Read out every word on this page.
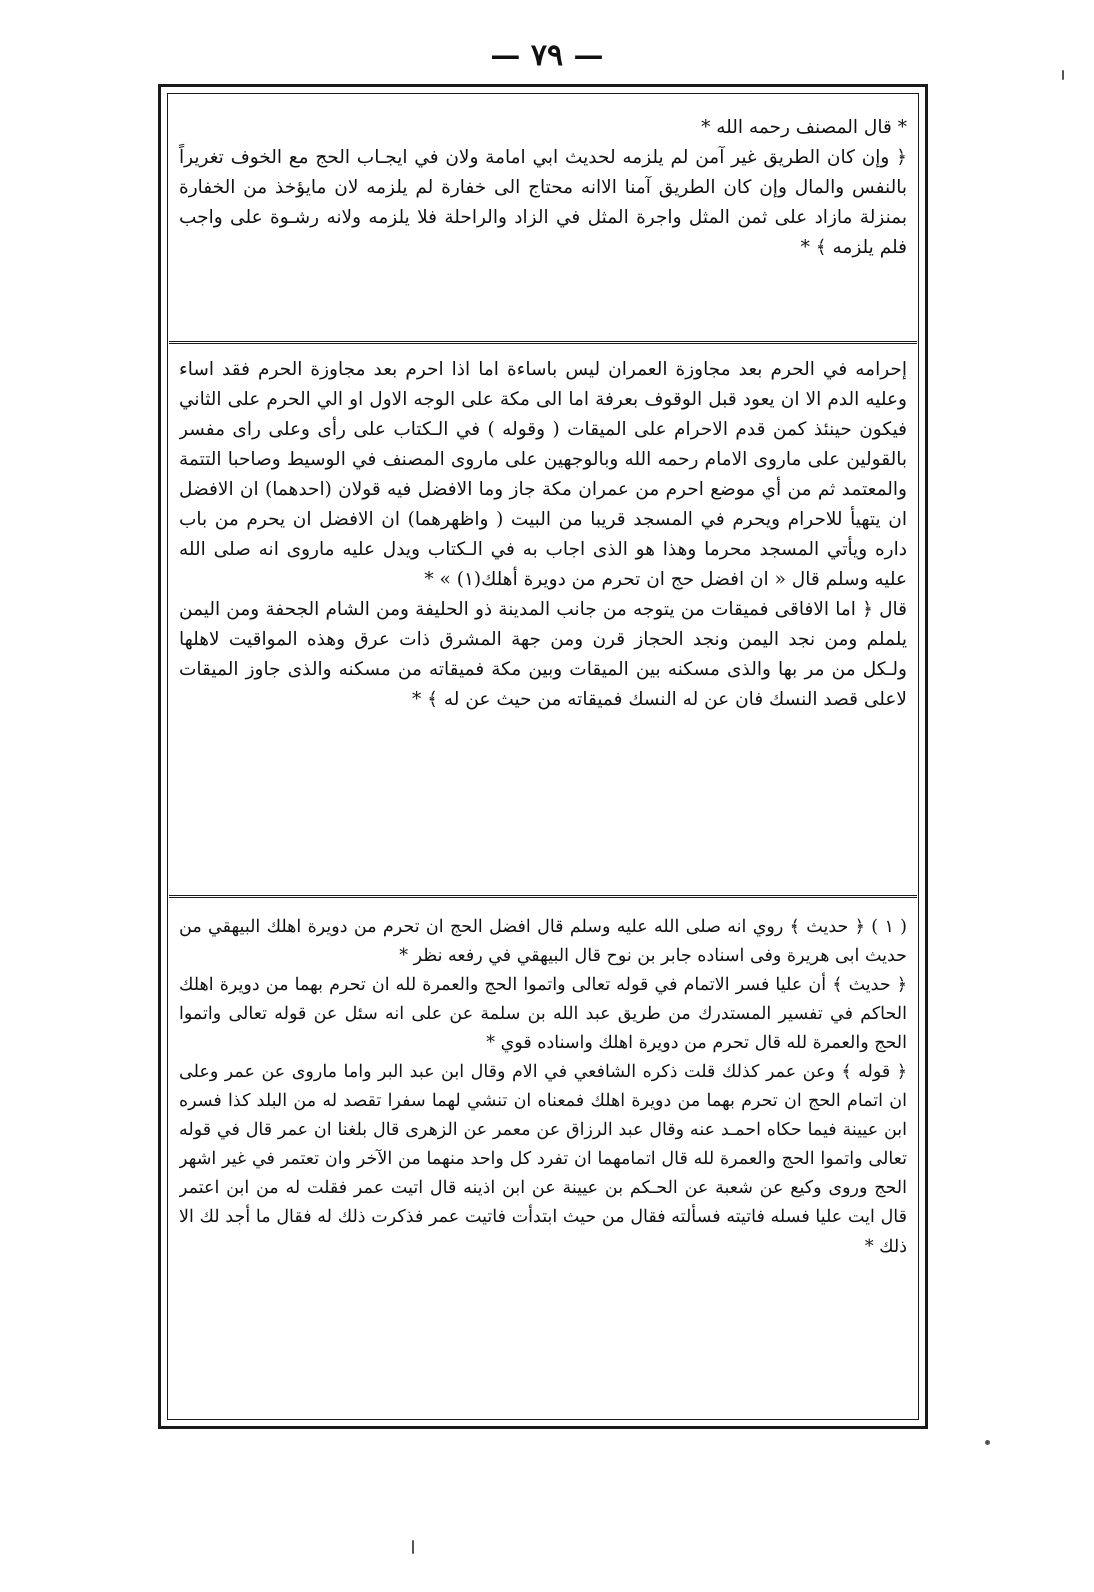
— ٧٩ —

* قال المصنف رحمه الله *

﴿ وإن كان الطريق غير آمن لم يلزمه لحديث ابي امامة ولان في ايجـاب الحج مع الخوف تغريراً بالنفس والمال وإن كان الطريق آمنا الاانه محتاج الى خفارة لم يلزمه لان مايؤخذ من الخفارة بمنزلة مازاد على ثمن المثل واجرة المثل في الزاد والراحلة فلا يلزمه ولانه رشـوة على واجب فلم يلزمه ﴾ *

إحرامه في الحرم بعد مجاوزة العمران ليس باساءة اما اذا احرم بعد مجاوزة الحرم فقد اساء وعليه الدم الا ان يعود قبل الوقوف بعرفة اما الى مكة على الوجه الاول او الي الحرم على الثاني فيكون حينئذ كمن قدم الاحرام على الميقات ( وقوله ) في الـكتاب على رأى وعلى راى مفسر بالقولين على ماروى الامام رحمه الله وبالوجهين على ماروى المصنف في الوسيط وصاحبا التتمة والمعتمد ثم من أي موضع احرم من عمران مكة جاز وما الافضل فيه قولان (احدهما) ان الافضل ان يتهيأ للاحرام ويحرم في المسجد قريبا من البيت ( واظهرهما) ان الافضل ان يحرم من باب داره ويأتي المسجد محرما وهذا هو الذى اجاب به في الـكتاب ويدل عليه ماروى انه صلى الله عليه وسلم قال « ان افضل حج ان تحرم من دويرة أهلك(١) » *

قال ﴿ اما الافاقى فميقات من يتوجه من جانب المدينة ذو الحليفة ومن الشام الجحفة ومن اليمن يلملم ومن نجد اليمن ونجد الحجاز قرن ومن جهة المشرق ذات عرق وهذه المواقيت لاهلها ولـكل من مر بها والذى مسكنه بين الميقات وبين مكة فميقاته من مسكنه والذى جاوز الميقات لاعلى قصد النسك فان عن له النسك فميقاته من حيث عن له ﴾ *

( ١ ) ﴿ حديث ﴾ روي انه صلى الله عليه وسلم قال افضل الحج ان تحرم من دويرة اهلك البيهقي من حديث ابى هريرة وفى اسناده جابر بن نوح قال البيهقي في رفعه نظر *

﴿ حديث ﴾ أن عليا فسر الاتمام في قوله تعالى واتموا الحج والعمرة لله ان تحرم بهما من دويرة اهلك الحاكم في تفسير المستدرك من طريق عبد الله بن سلمة عن على انه سئل عن قوله تعالى واتموا الحج والعمرة لله قال تحرم من دويرة اهلك واسناده قوي *

﴿ قوله ﴾ وعن عمر كذلك قلت ذكره الشافعي في الام وقال ابن عبد البر واما ماروى عن عمر وعلى ان اتمام الحج ان تحرم بهما من دويرة اهلك فمعناه ان تنشي لهما سفرا تقصد له من البلد كذا فسره ابن عيينة فيما حكاه احمـد عنه وقال عبد الرزاق عن معمر عن الزهرى قال بلغنا ان عمر قال في قوله تعالى واتموا الحج والعمرة لله قال اتمامهما ان تفرد كل واحد منهما من الآخر وان تعتمر في غير اشهر الحج وروى وكيع عن شعبة عن الحـكم بن عيينة عن ابن اذينه قال اتيت عمر فقلت له من ابن اعتمر قال ايت عليا فسله فاتيته فسألته فقال من حيث ابتدأت فاتيت عمر فذكرت ذلك له فقال ما أجد لك الا ذلك *
